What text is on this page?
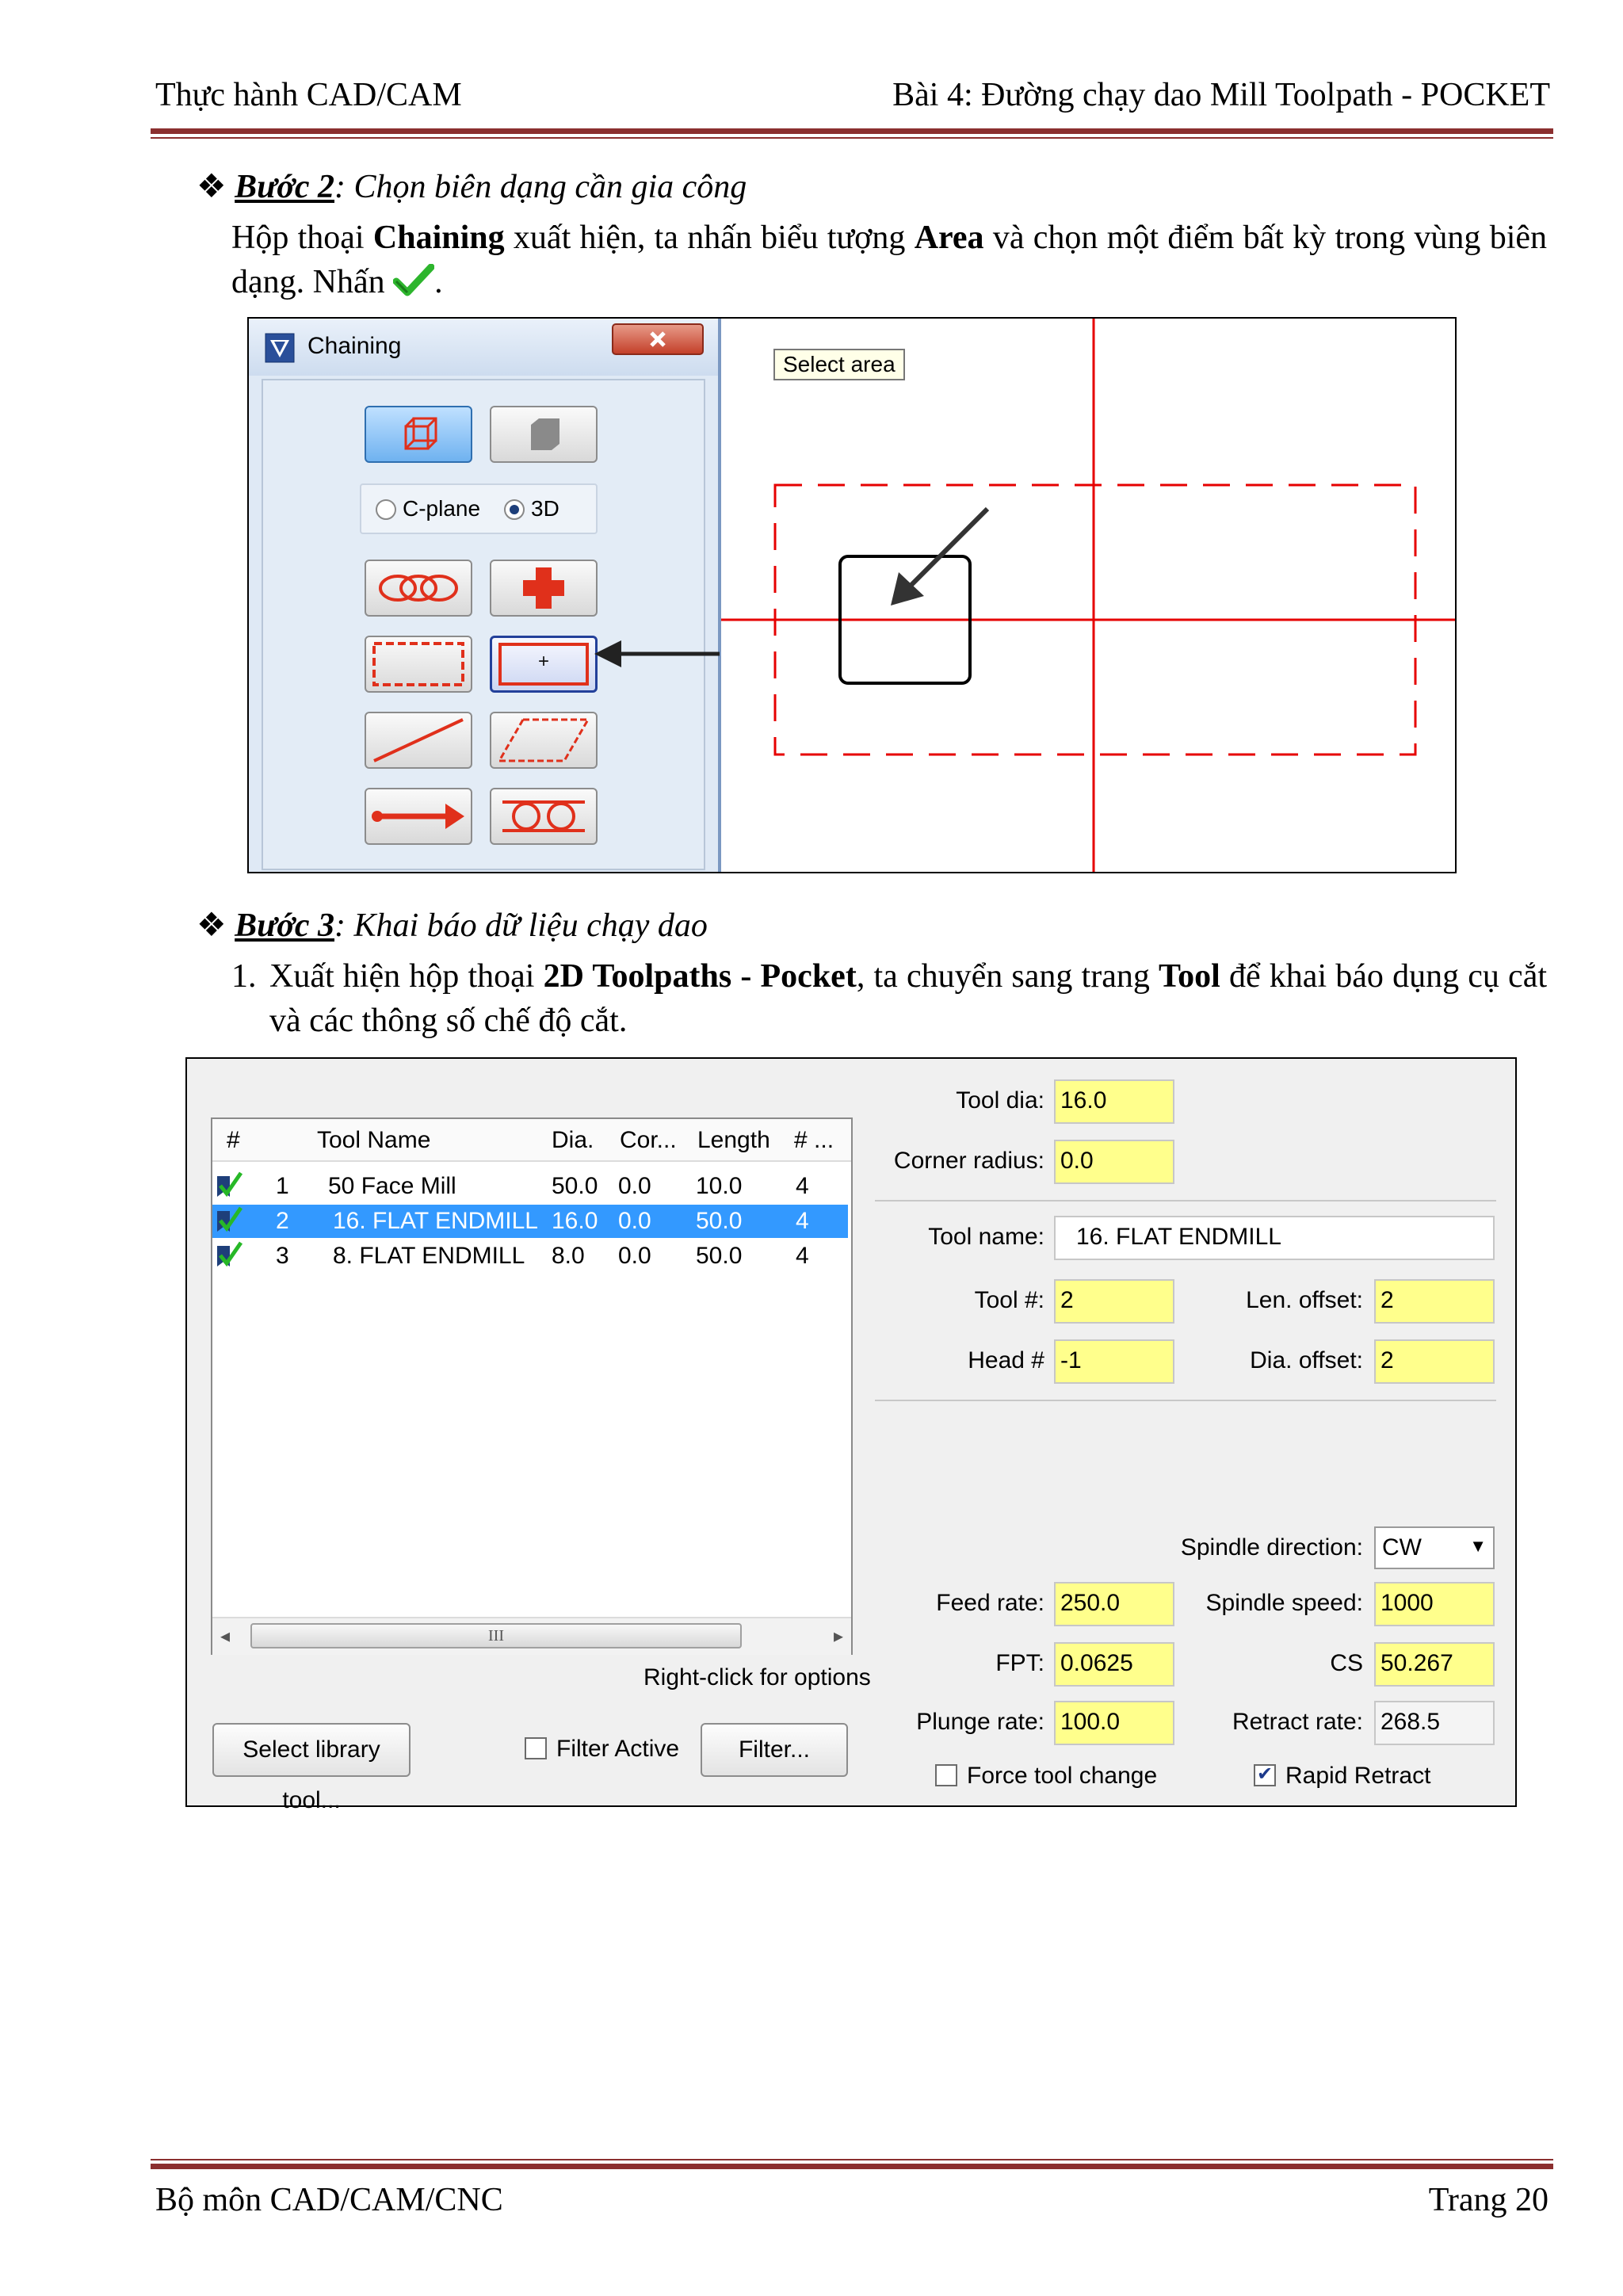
Thực hành CAD/CAM	Bài 4: Đường chạy dao Mill Toolpath - POCKET
❖ Bước 2: Chọn biên dạng cần gia công
Hộp thoại Chaining xuất hiện, ta nhấn biểu tượng Area và chọn một điểm bất kỳ trong vùng biên dạng. Nhấn .
Chaining
C-plane 3D
+
Select area
❖ Bước 3: Khai báo dữ liệu chạy dao
1. Xuất hiện hộp thoại 2D Toolpaths - Pocket, ta chuyển sang trang Tool để khai báo dụng cụ cắt và các thông số chế độ cắt.
#	Tool Name	Dia. Cor... Length # ...
1 50 Face Mill	50.0 0.0 10.0 4
2 16. FLAT ENDMILL 16.0 0.0 50.0 4
3 8. FLAT ENDMILL 8.0 0.0 50.0 4
◂	III	▸
Right-click for options
Select library tool...
Filter Active	Filter...
Tool dia: 16.0
Corner radius: 0.0
Tool name:	16. FLAT ENDMILL
Tool #: 2	Len. offset: 2
Head # -1	Dia. offset: 2
Spindle direction: CW	▼
Feed rate: 250.0	Spindle speed: 1000
FPT: 0.0625	CS 50.267
Plunge rate: 100.0	Retract rate: 268.5
Force tool change	✔ Rapid Retract
Bộ môn CAD/CAM/CNC	Trang 20
